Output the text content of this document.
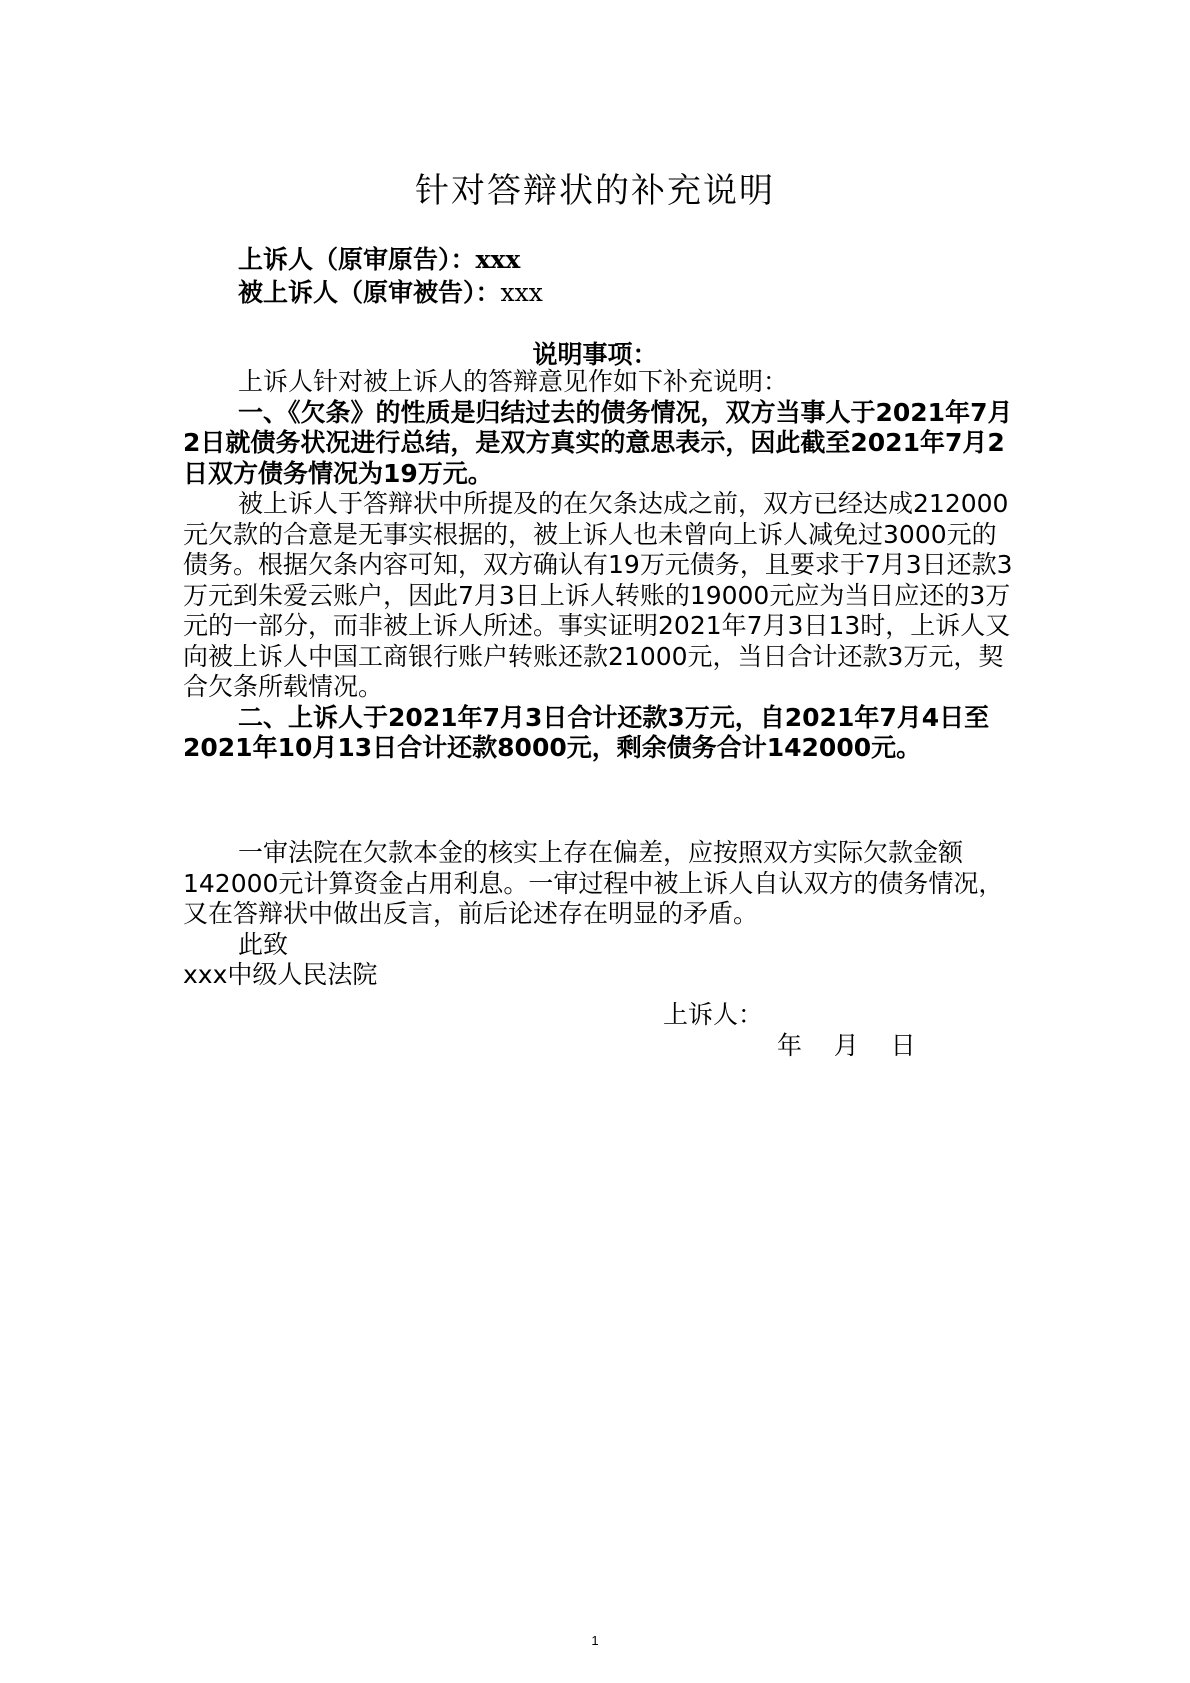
针对答辩状的补充说明
上诉人（原审原告）：xxx
被上诉人（原审被告）：xxx
说明事项：

上诉人针对被上诉人的答辩意见作如下补充说明：

一、《欠条》的性质是归结过去的债务情况，双方当事人于2021年7月2日就债务状况进行总结，是双方真实的意思表示，因此截至2021年7月2日双方债务情况为19万元。

被上诉人于答辩状中所提及的在欠条达成之前，双方已经达成212000元欠款的合意是无事实根据的，被上诉人也未曾向上诉人减免过3000元的债务。根据欠条内容可知，双方确认有19万元债务，且要求于7月3日还款3万元到朱爱云账户，因此7月3日上诉人转账的19000元应为当日应还的3万元的一部分，而非被上诉人所述。事实证明2021年7月3日13时，上诉人又向被上诉人中国工商银行账户转账还款21000元，当日合计还款3万元，契合欠条所载情况。

二、上诉人于2021年7月3日合计还款3万元，自2021年7月4日至2021年10月13日合计还款8000元，剩余债务合计142000元。

一审法院在欠款本金的核实上存在偏差，应按照双方实际欠款金额142000元计算资金占用利息。一审过程中被上诉人自认双方的债务情况，又在答辩状中做出反言，前后论述存在明显的矛盾。

此致

xxx中级人民法院

上诉人：
年    月    日
1
